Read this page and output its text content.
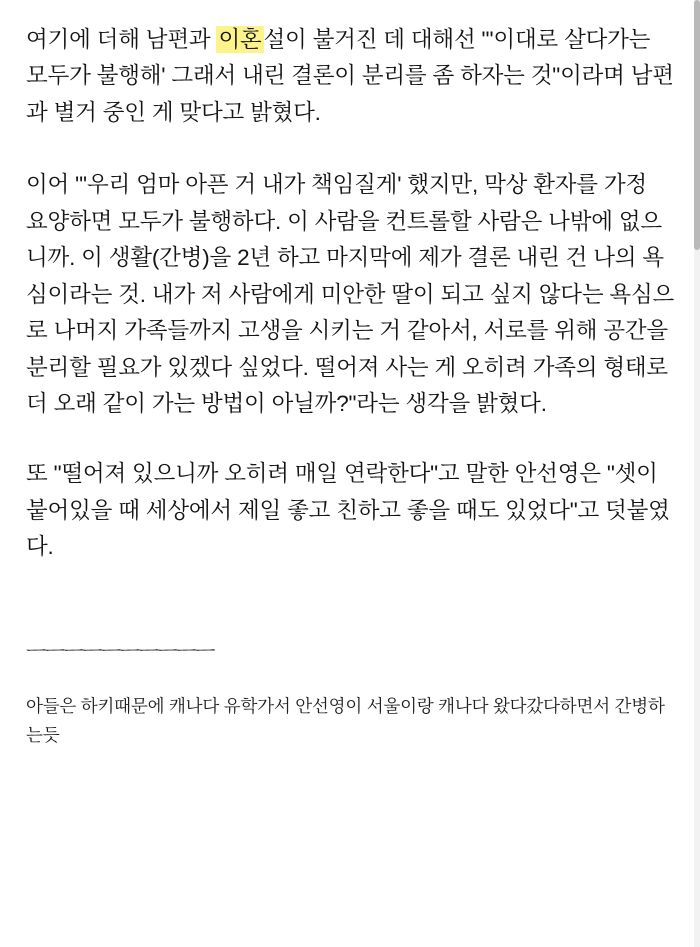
여기에 더해 남편과 이혼설이 불거진 데 대해선 "'이대로 살다가는 모두가 불행해' 그래서 내린 결론이 분리를 좀 하자는 것"이라며 남편과 별거 중인 게 맞다고 밝혔다.

이어 "'우리 엄마 아픈 거 내가 책임질게' 했지만, 막상 환자를 가정 요양하면 모두가 불행하다. 이 사람을 컨트롤할 사람은 나밖에 없으니까. 이 생활(간병)을 2년 하고 마지막에 제가 결론 내린 건 나의 욕심이라는 것. 내가 저 사람에게 미안한 딸이 되고 싶지 않다는 욕심으로 나머지 가족들까지 고생을 시키는 거 같아서, 서로를 위해 공간을 분리할 필요가 있겠다 싶었다. 떨어져 사는 게 오히려 가족의 형태로 더 오래 같이 가는 방법이 아닐까?"라는 생각을 밝혔다.

또 "떨어져 있으니까 오히려 매일 연락한다"고 말한 안선영은 "셋이 붙어있을 때 세상에서 제일 좋고 친하고 좋을 때도 있었다"고 덧붙였다.

ㅡㅡㅡㅡㅡㅡㅡㅡㅡㅡ

아들은 하키때문에 캐나다 유학가서 안선영이 서울이랑 캐나다 왔다갔다하면서 간병하는듯
